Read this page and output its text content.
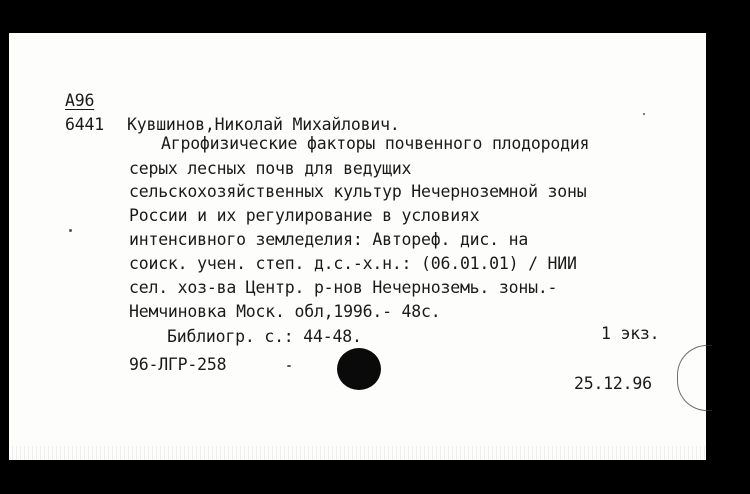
А96
6441 Кувшинов,Николай Михайлович.
Агрофизические факторы почвенного плодородия
серых лесных почв для ведущих
сельскохозяйственных культур Нечерноземной зоны
России и их регулирование в условиях
интенсивного земледелия: Автореф. дис. на
соиск. учен. степ. д.с.-х.н.: (06.01.01) / НИИ
сел. хоз-ва Центр. р-нов Нечерноземь. зоны.-
Немчиновка Моск. обл,1996.- 48с.
Библиогр. с.: 44-48.	1 экз.
96-ЛГР-258
25.12.96
